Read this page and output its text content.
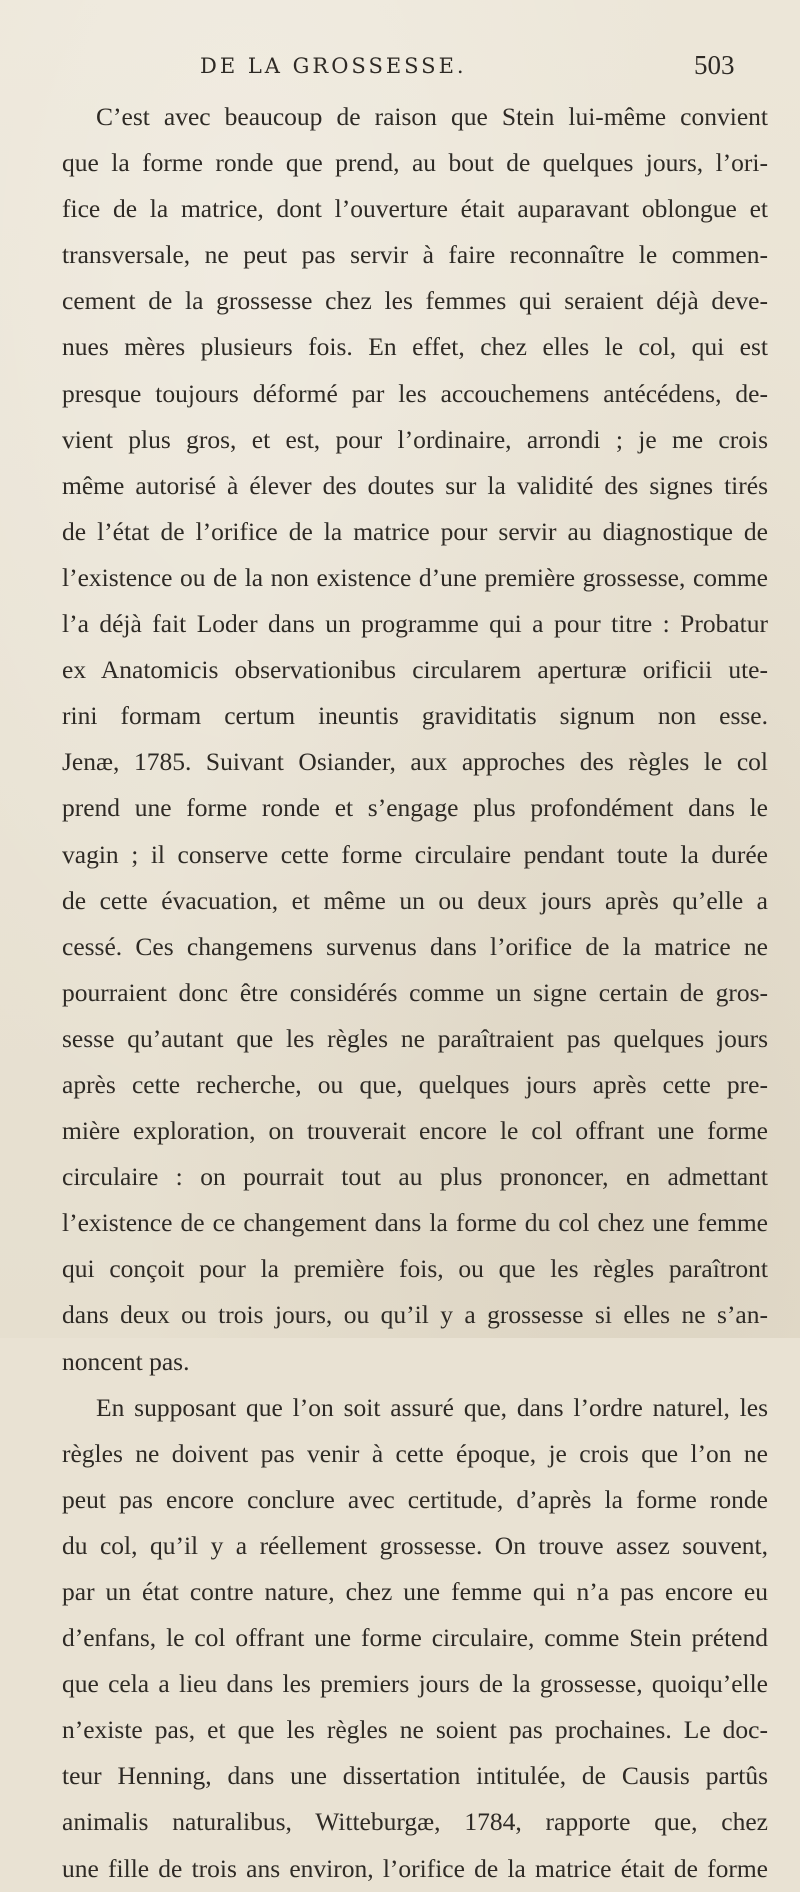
DE LA GROSSESSE.	503
C’est avec beaucoup de raison que Stein lui-même convient
que la forme ronde que prend, au bout de quelques jours, l’ori-
fice de la matrice, dont l’ouverture était auparavant oblongue et
transversale, ne peut pas servir à faire reconnaître le commen-
cement de la grossesse chez les femmes qui seraient déjà deve-
nues mères plusieurs fois. En effet, chez elles le col, qui est
presque toujours déformé par les accouchemens antécédens, de-
vient plus gros, et est, pour l’ordinaire, arrondi ; je me crois
même autorisé à élever des doutes sur la validité des signes tirés
de l’état de l’orifice de la matrice pour servir au diagnostique de
l’existence ou de la non existence d’une première grossesse, comme
l’a déjà fait Loder dans un programme qui a pour titre : Probatur
ex Anatomicis observationibus circularem aperturæ orificii ute-
rini formam certum ineuntis graviditatis signum non esse.
Jenæ, 1785. Suivant Osiander, aux approches des règles le col
prend une forme ronde et s’engage plus profondément dans le
vagin ; il conserve cette forme circulaire pendant toute la durée
de cette évacuation, et même un ou deux jours après qu’elle a
cessé. Ces changemens survenus dans l’orifice de la matrice ne
pourraient donc être considérés comme un signe certain de gros-
sesse qu’autant que les règles ne paraîtraient pas quelques jours
après cette recherche, ou que, quelques jours après cette pre-
mière exploration, on trouverait encore le col offrant une forme
circulaire : on pourrait tout au plus prononcer, en admettant
l’existence de ce changement dans la forme du col chez une femme
qui conçoit pour la première fois, ou que les règles paraîtront
dans deux ou trois jours, ou qu’il y a grossesse si elles ne s’an-
noncent pas.
En supposant que l’on soit assuré que, dans l’ordre naturel, les
règles ne doivent pas venir à cette époque, je crois que l’on ne
peut pas encore conclure avec certitude, d’après la forme ronde
du col, qu’il y a réellement grossesse. On trouve assez souvent,
par un état contre nature, chez une femme qui n’a pas encore eu
d’enfans, le col offrant une forme circulaire, comme Stein prétend
que cela a lieu dans les premiers jours de la grossesse, quoiqu’elle
n’existe pas, et que les règles ne soient pas prochaines. Le doc-
teur Henning, dans une dissertation intitulée, de Causis partûs
animalis naturalibus, Witteburgæ, 1784, rapporte que, chez
une fille de trois ans environ, l’orifice de la matrice était de forme
